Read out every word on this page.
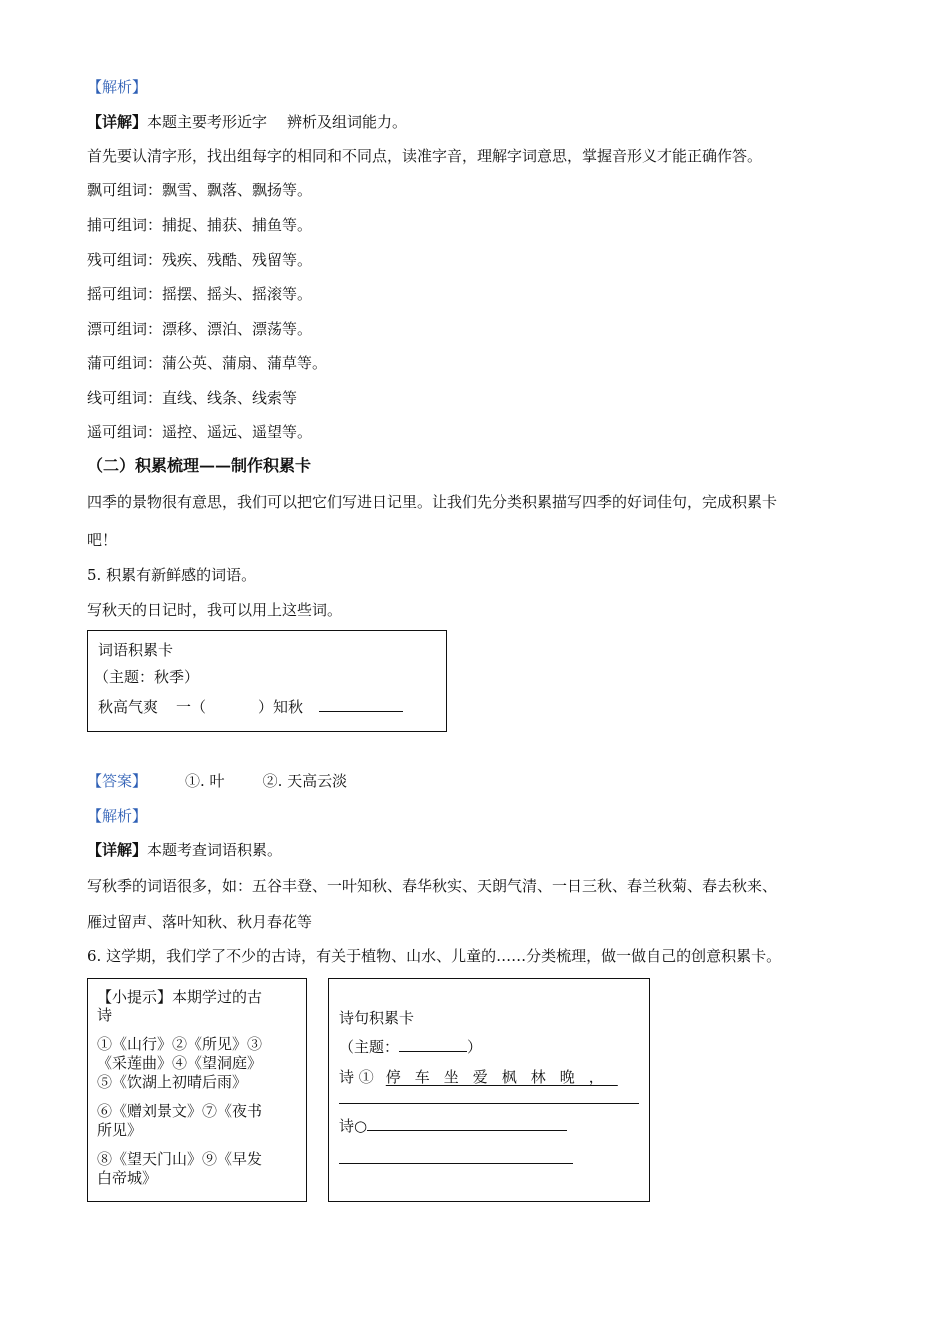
【解析】
【详解】本题主要考形近字 辨析及组词能力。
首先要认清字形，找出组每字的相同和不同点，读准字音，理解字词意思，掌握音形义才能正确作答。
飘可组词：飘雪、飘落、飘扬等。
捕可组词：捕捉、捕获、捕鱼等。
残可组词：残疾、残酷、残留等。
摇可组词：摇摆、摇头、摇滚等。
漂可组词：漂移、漂泊、漂荡等。
蒲可组词：蒲公英、蒲扇、蒲草等。
线可组词：直线、线条、线索等
遥可组词：遥控、遥远、遥望等。
（二）积累梳理——制作积累卡
四季的景物很有意思，我们可以把它们写进日记里。让我们先分类积累描写四季的好词佳句，完成积累卡
吧！
5. 积累有新鲜感的词语。
写秋天的日记时，我可以用上这些词。
词语积累卡
（主题：秋季）
秋高气爽 一（	）知秋
【答案】	①. 叶	②. 天高云淡
【解析】
【详解】本题考查词语积累。
写秋季的词语很多，如：五谷丰登、一叶知秋、春华秋实、天朗气清、一日三秋、春兰秋菊、春去秋来、
雁过留声、落叶知秋、秋月春花等
6. 这学期，我们学了不少的古诗，有关于植物、山水、儿童的……分类梳理，做一做自己的创意积累卡。
【小提示】本期学过的古
诗
①《山行》②《所见》③
《采莲曲》④《望洞庭》
⑤《饮湖上初晴后雨》
⑥《赠刘景文》⑦《夜书
所见》
⑧《望天门山》⑨《早发
白帝城》
诗句积累卡
（主题：	）
诗 ① 停车坐爱枫林晚，
诗○
